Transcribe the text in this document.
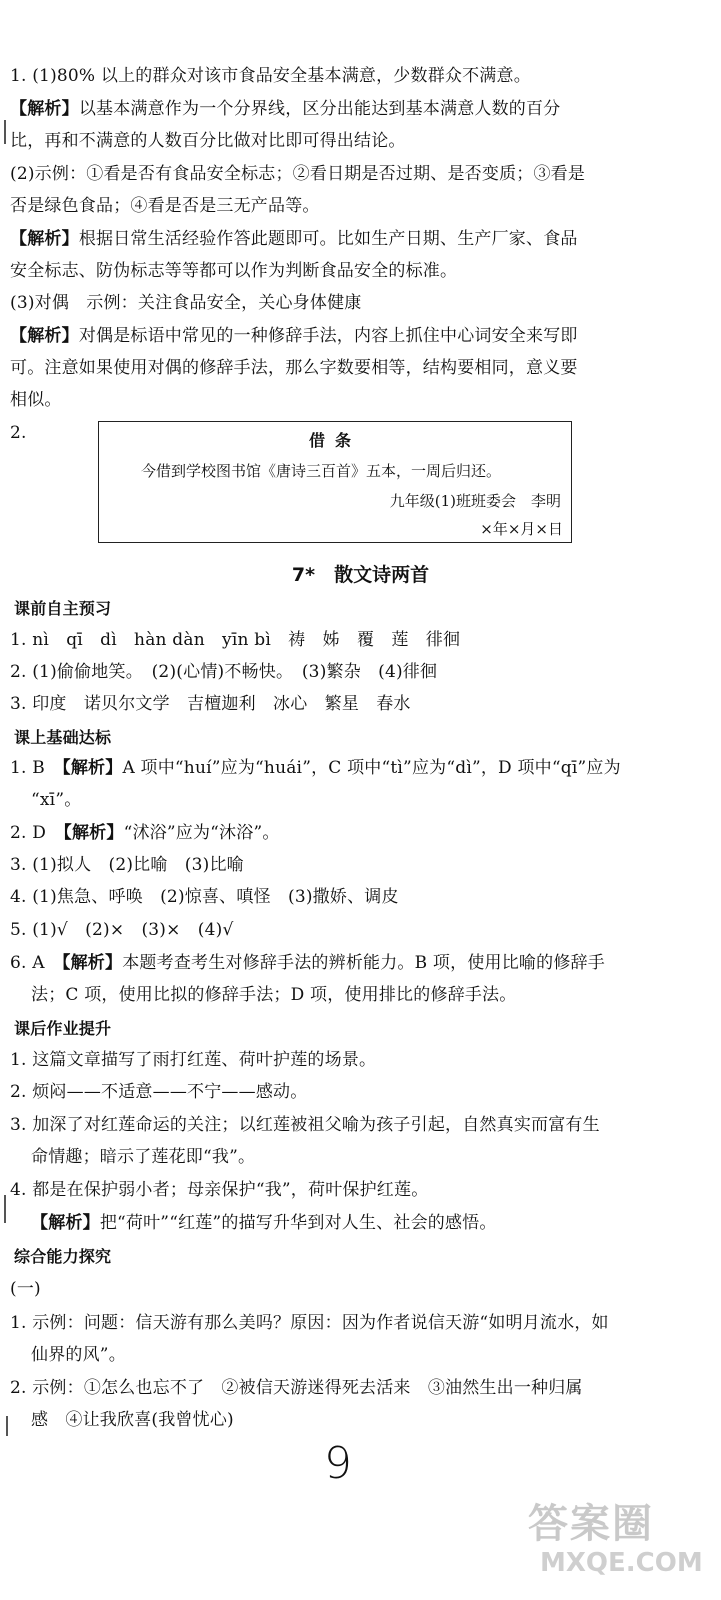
1. (1)80% 以上的群众对该市食品安全基本满意，少数群众不满意。
【解析】以基本满意作为一个分界线，区分出能达到基本满意人数的百分
比，再和不满意的人数百分比做对比即可得出结论。
(2)示例：①看是否有食品安全标志；②看日期是否过期、是否变质；③看是
否是绿色食品；④看是否是三无产品等。
【解析】根据日常生活经验作答此题即可。比如生产日期、生产厂家、食品
安全标志、防伪标志等等都可以作为判断食品安全的标准。
(3)对偶　示例：关注食品安全，关心身体健康
【解析】对偶是标语中常见的一种修辞手法，内容上抓住中心词安全来写即
可。注意如果使用对偶的修辞手法，那么字数要相等，结构要相同，意义要
相似。
2.	借条
今借到学校图书馆《唐诗三百首》五本，一周后归还。
九年级(1)班班委会　李明
×年×月×日
7*　散文诗两首
课前自主预习
1. nì　qī　dì　hàn dàn　yīn bì　祷　姊　覆　莲　徘徊
2. (1)偷偷地笑。　(2)(心情)不畅快。　(3)繁杂　(4)徘徊
3. 印度　诺贝尔文学　吉檀迦利　冰心　繁星　春水
课上基础达标
1. B　【解析】A 项中“huí”应为“huái”，C 项中“tì”应为“dì”，D 项中“qī”应为
“xī”。
2. D　【解析】“沭浴”应为“沐浴”。
3. (1)拟人　(2)比喻　(3)比喻
4. (1)焦急、呼唤　(2)惊喜、嗔怪　(3)撒娇、调皮
5. (1)√　(2)×　(3)×　(4)√
6. A　【解析】本题考查考生对修辞手法的辨析能力。B 项，使用比喻的修辞手
法；C 项，使用比拟的修辞手法；D 项，使用排比的修辞手法。
课后作业提升
1. 这篇文章描写了雨打红莲、荷叶护莲的场景。
2. 烦闷——不适意——不宁——感动。
3. 加深了对红莲命运的关注；以红莲被祖父喻为孩子引起，自然真实而富有生
命情趣；暗示了莲花即“我”。
4. 都是在保护弱小者；母亲保护“我”，荷叶保护红莲。
【解析】把“荷叶”“红莲”的描写升华到对人生、社会的感悟。
综合能力探究
(一)
1. 示例：问题：信天游有那么美吗？原因：因为作者说信天游“如明月流水，如
仙界的风”。
2. 示例：①怎么也忘不了　②被信天游迷得死去活来　③油然生出一种归属
感　④让我欣喜(我曾忧心)
9
答案圈
MXQE.COM
